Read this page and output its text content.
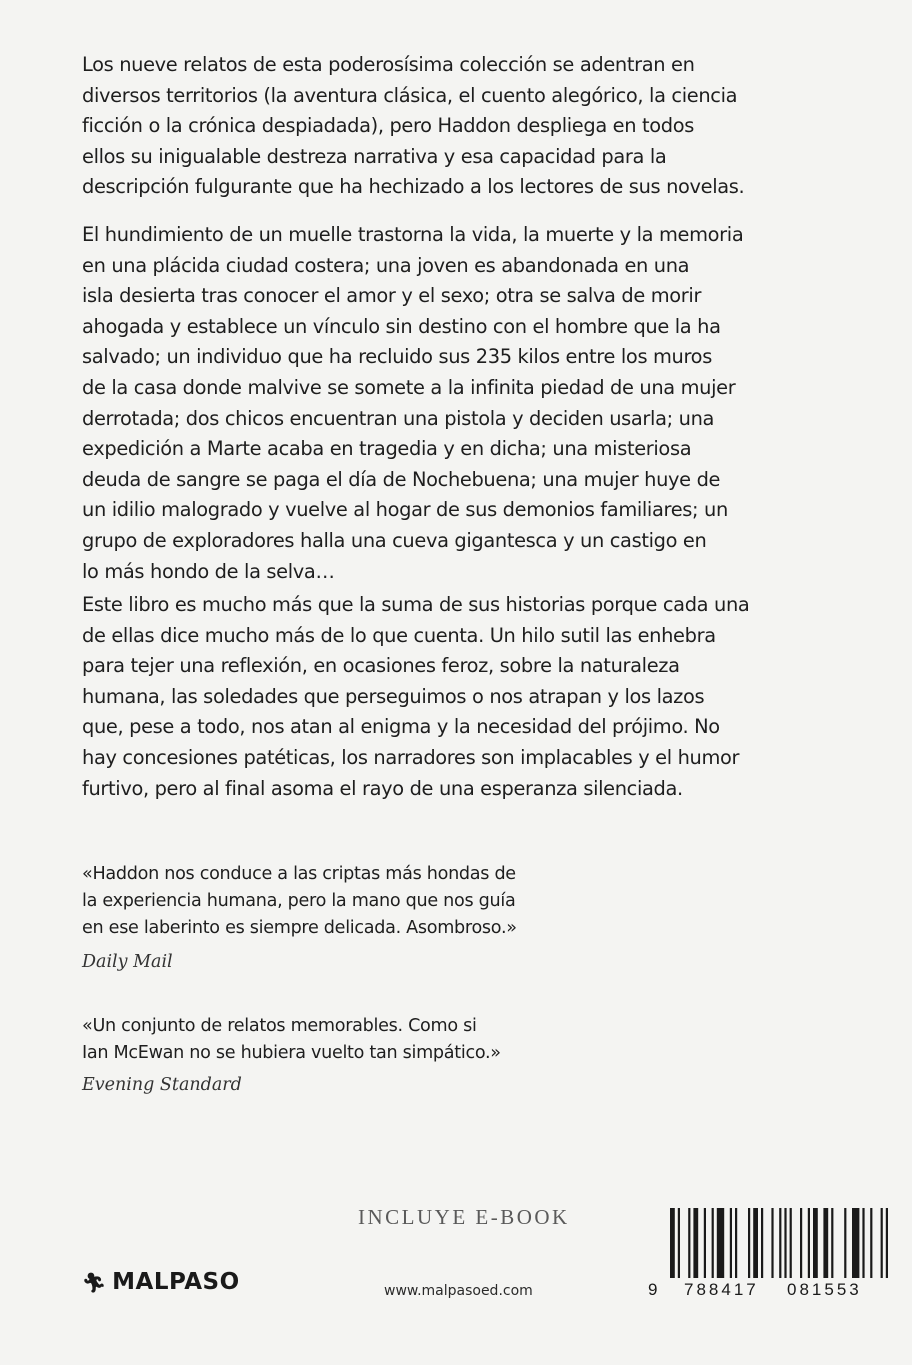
Los nueve relatos de esta poderosísima colección se adentran en
diversos territorios (la aventura clásica, el cuento alegórico, la ciencia
ficción o la crónica despiadada), pero Haddon despliega en todos
ellos su inigualable destreza narrativa y esa capacidad para la
descripción fulgurante que ha hechizado a los lectores de sus novelas.

El hundimiento de un muelle trastorna la vida, la muerte y la memoria
en una plácida ciudad costera; una joven es abandonada en una
isla desierta tras conocer el amor y el sexo; otra se salva de morir
ahogada y establece un vínculo sin destino con el hombre que la ha
salvado; un individuo que ha recluido sus 235 kilos entre los muros
de la casa donde malvive se somete a la infinita piedad de una mujer
derrotada; dos chicos encuentran una pistola y deciden usarla; una
expedición a Marte acaba en tragedia y en dicha; una misteriosa
deuda de sangre se paga el día de Nochebuena; una mujer huye de
un idilio malogrado y vuelve al hogar de sus demonios familiares; un
grupo de exploradores halla una cueva gigantesca y un castigo en
lo más hondo de la selva…

Este libro es mucho más que la suma de sus historias porque cada una
de ellas dice mucho más de lo que cuenta. Un hilo sutil las enhebra
para tejer una reflexión, en ocasiones feroz, sobre la naturaleza
humana, las soledades que perseguimos o nos atrapan y los lazos
que, pese a todo, nos atan al enigma y la necesidad del prójimo. No
hay concesiones patéticas, los narradores son implacables y el humor
furtivo, pero al final asoma el rayo de una esperanza silenciada.

«Haddon nos conduce a las criptas más hondas de
la experiencia humana, pero la mano que nos guía
en ese laberinto es siempre delicada. Asombroso.»

Daily Mail

«Un conjunto de relatos memorables. Como si
Ian McEwan no se hubiera vuelto tan simpático.»

Evening Standard

INCLUYE E-BOOK
🏃︎ MALPASO	www.malpasoed.com	9 788417 081553
